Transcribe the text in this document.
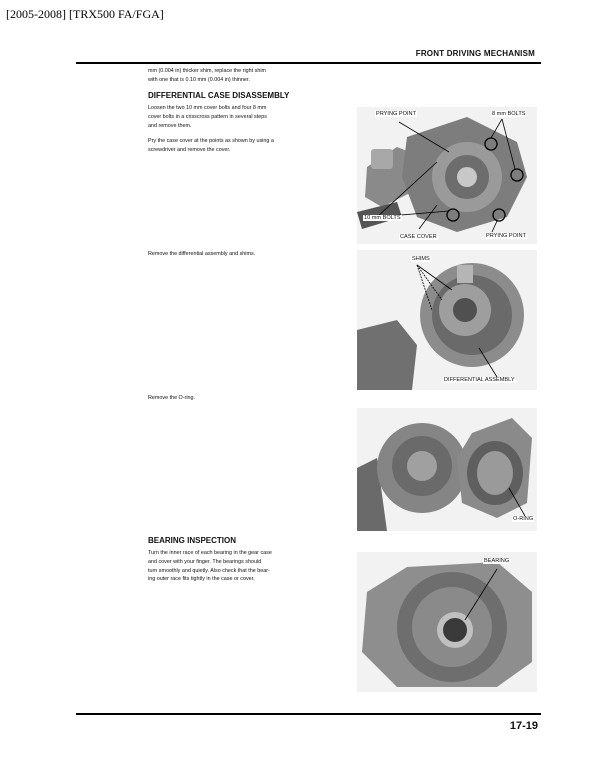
[2005-2008] [TRX500 FA/FGA]
FRONT DRIVING MECHANISM
mm (0.004 in) thicker shim, replace the right shim
with one that is 0.10 mm (0.004 in) thinner.
DIFFERENTIAL CASE DISASSEMBLY
Loosen the two 10 mm cover bolts and four 8 mm
cover bolts in a crisscross pattern in several steps
and remove them.
Pry the case cover at the points as shown by using a
screwdriver and remove the cover.
PRYING POINT	8 mm BOLTS
10 mm BOLTS
CASE COVER	PRYING POINT
Remove the differential assembly and shims.
SHIMS
DIFFERENTIAL ASSEMBLY
Remove the O-ring.
O-RING
BEARING INSPECTION
Turn the inner race of each bearing in the gear case
and cover with your finger. The bearings should
turn smoothly and quietly. Also check that the bear-
ing outer race fits tightly in the case or cover.
BEARING
17-19
